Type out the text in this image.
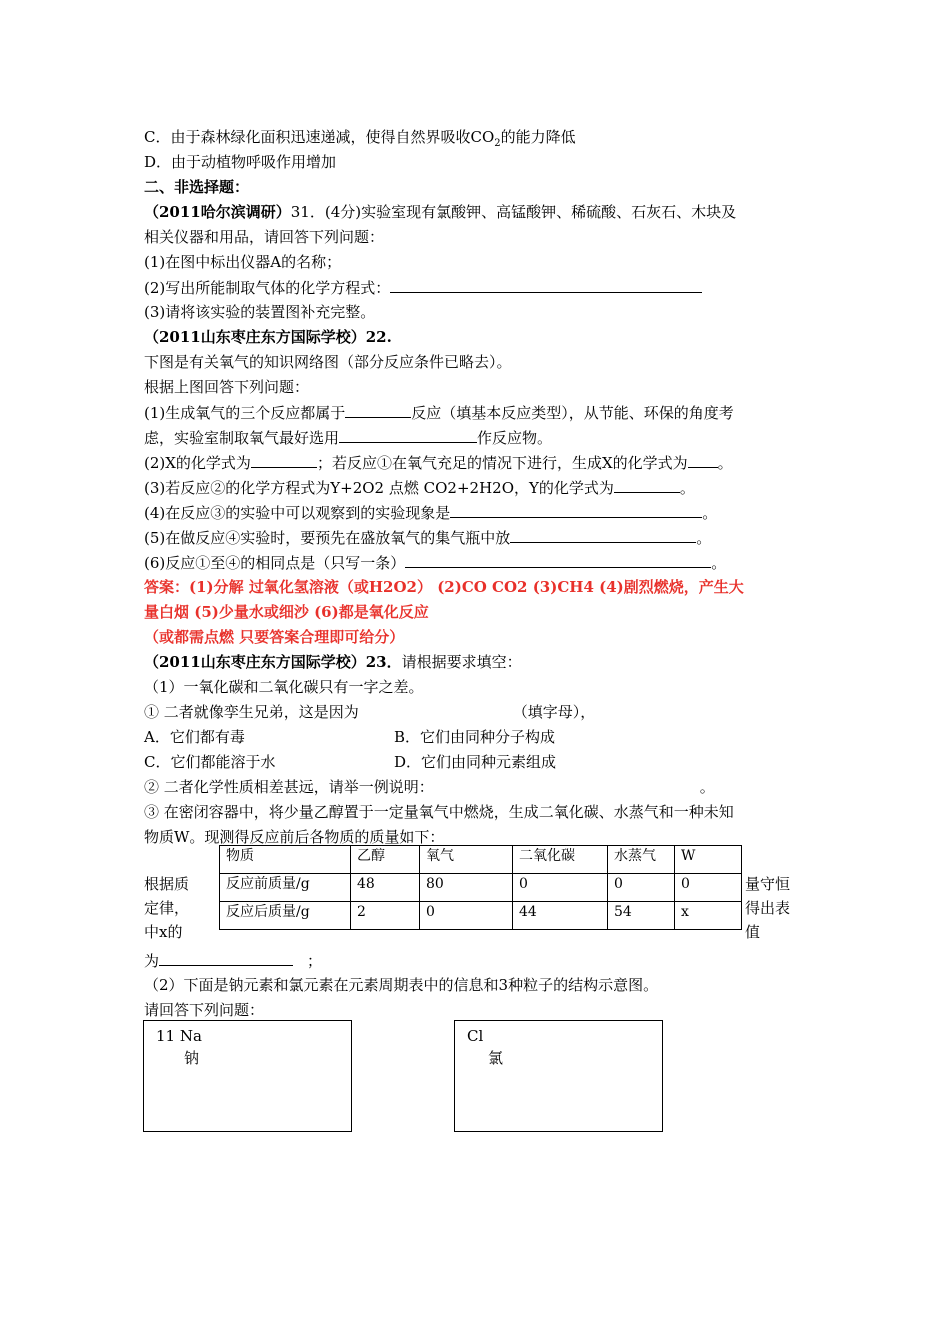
C．由于森林绿化面积迅速递减，使得自然界吸收$CO_2$的能力降低
D．由于动植物呼吸作用增加
二、非选择题：
（2011哈尔滨调研）31．(4分)实验室现有氯酸钾、高锰酸钾、稀硫酸、石灰石、木块及
相关仪器和用品，请回答下列问题：
(1)在图中标出仪器A的名称；
(2)写出所能制取气体的化学方程式：
(3)请将该实验的装置图补充完整。
（2011山东枣庄东方国际学校）22.
下图是有关氧气的知识网络图（部分反应条件已略去）。
根据上图回答下列问题：
(1)生成氧气的三个反应都属于	反应（填基本反应类型），从节能、环保的角度考
虑，实验室制取氧气最好选用	作反应物。
(2)X的化学式为	；若反应①在氧气充足的情况下进行，生成X的化学式为 。
(3)若反应②的化学方程式为Y+2O2 点燃 CO2+2H2O，Y的化学式为	。
(4)在反应③的实验中可以观察到的实验现象是	。
(5)在做反应④实验时，要预先在盛放氧气的集气瓶中放	。
(6)反应①至④的相同点是（只写一条）	。
答案：(1)分解 过氧化氢溶液（或H2O2） (2)CO CO2 (3)CH4 (4)剧烈燃烧，产生大
量白烟 (5)少量水或细沙 (6)都是氧化反应
（或都需点燃 只要答案合理即可给分）
（2011山东枣庄东方国际学校）23．请根据要求填空：
（1）一氧化碳和二氧化碳只有一字之差。
① 二者就像孪生兄弟，这是因为	（填字母），
A．它们都有毒	B．它们由同种分子构成
C．它们都能溶于水	D．它们由同种元素组成
② 二者化学性质相差甚远，请举一例说明：	。
③ 在密闭容器中，将少量乙醇置于一定量氧气中燃烧，生成二氧化碳、水蒸气和一种未知
物质W。现测得反应前后各物质的质量如下：
根据质
定律，
中x的
量守恒
得出表
值
物质	乙醇	氧气	二氧化碳	水蒸气	W
反应前质量/g	48	80	0	0	0
反应后质量/g	2	0	44	54	x
为	；
（2）下面是钠元素和氯元素在元素周期表中的信息和3种粒子的结构示意图。
请回答下列问题：
11 Na
钠
Cl
氯
